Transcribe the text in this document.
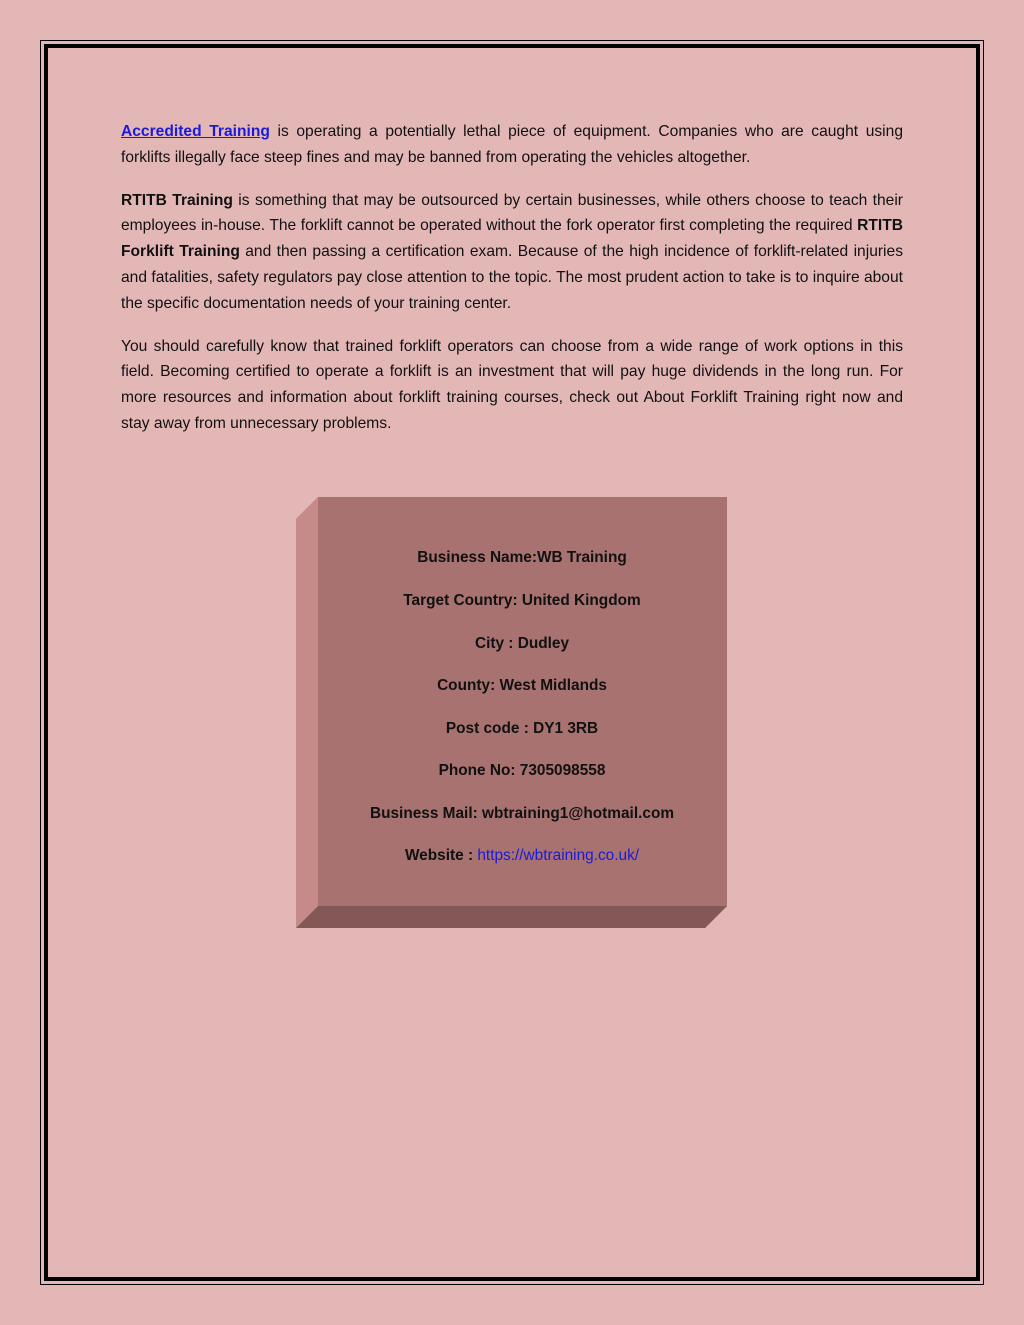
Accredited Training is operating a potentially lethal piece of equipment. Companies who are caught using forklifts illegally face steep fines and may be banned from operating the vehicles altogether.

RTITB Training is something that may be outsourced by certain businesses, while others choose to teach their employees in-house. The forklift cannot be operated without the fork operator first completing the required RTITB Forklift Training and then passing a certification exam. Because of the high incidence of forklift-related injuries and fatalities, safety regulators pay close attention to the topic. The most prudent action to take is to inquire about the specific documentation needs of your training center.

You should carefully know that trained forklift operators can choose from a wide range of work options in this field. Becoming certified to operate a forklift is an investment that will pay huge dividends in the long run. For more resources and information about forklift training courses, check out About Forklift Training right now and stay away from unnecessary problems.

Business Name:WB Training
Target Country: United Kingdom
City : Dudley
County: West Midlands
Post code : DY1 3RB
Phone No: 7305098558
Business Mail: wbtraining1@hotmail.com
Website : https://wbtraining.co.uk/
